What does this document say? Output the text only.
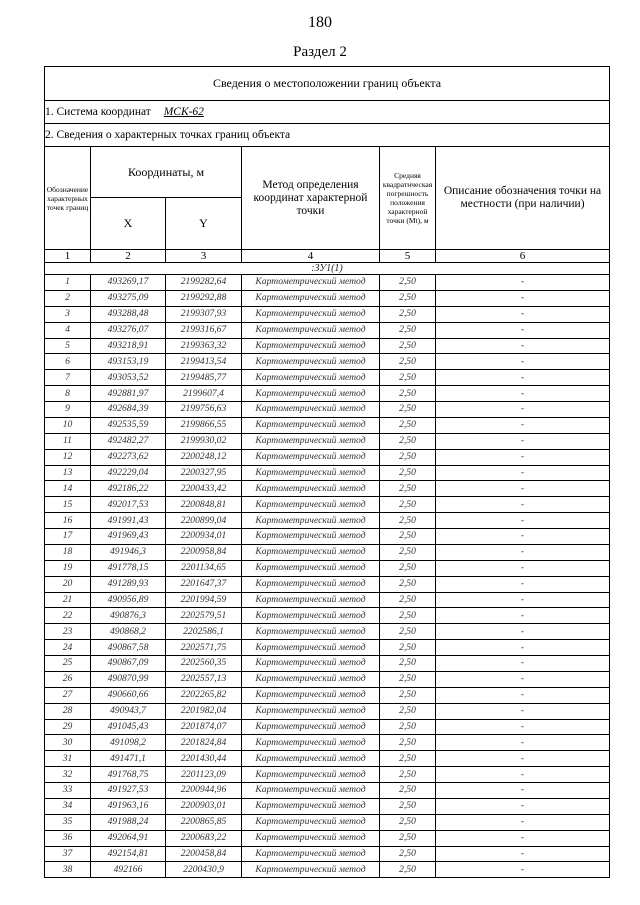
180
Раздел 2
Сведения о местоположении границ объекта					
1. Система координат МСК-62					
2. Сведения о характерных точках границ объекта					
Обозначение характерных точек границ	Координаты, м		Метод определения координат характерной точки	Средняя квадратическая погрешность положения характерной точки (Mt), м	Описание обозначения точки на местности (при наличии)
	X	Y			
1	2	3	4	5	6
:ЗУ1(1)					
1	493269,17	2199282,64	Картометрический метод	2,50	-
2	493275,09	2199292,88	Картометрический метод	2,50	-
3	493288,48	2199307,93	Картометрический метод	2,50	-
4	493276,07	2199316,67	Картометрический метод	2,50	-
5	493218,91	2199363,32	Картометрический метод	2,50	-
6	493153,19	2199413,54	Картометрический метод	2,50	-
7	493053,52	2199485,77	Картометрический метод	2,50	-
8	492881,97	2199607,4	Картометрический метод	2,50	-
9	492684,39	2199756,63	Картометрический метод	2,50	-
10	492535,59	2199866,55	Картометрический метод	2,50	-
11	492482,27	2199930,02	Картометрический метод	2,50	-
12	492273,62	2200248,12	Картометрический метод	2,50	-
13	492229,04	2200327,95	Картометрический метод	2,50	-
14	492186,22	2200433,42	Картометрический метод	2,50	-
15	492017,53	2200848,81	Картометрический метод	2,50	-
16	491991,43	2200899,04	Картометрический метод	2,50	-
17	491969,43	2200934,01	Картометрический метод	2,50	-
18	491946,3	2200958,84	Картометрический метод	2,50	-
19	491778,15	2201134,65	Картометрический метод	2,50	-
20	491289,93	2201647,37	Картометрический метод	2,50	-
21	490956,89	2201994,59	Картометрический метод	2,50	-
22	490876,3	2202579,51	Картометрический метод	2,50	-
23	490868,2	2202586,1	Картометрический метод	2,50	-
24	490867,58	2202571,75	Картометрический метод	2,50	-
25	490867,09	2202560,35	Картометрический метод	2,50	-
26	490870,99	2202557,13	Картометрический метод	2,50	-
27	490660,66	2202265,82	Картометрический метод	2,50	-
28	490943,7	2201982,04	Картометрический метод	2,50	-
29	491045,43	2201874,07	Картометрический метод	2,50	-
30	491098,2	2201824,84	Картометрический метод	2,50	-
31	491471,1	2201430,44	Картометрический метод	2,50	-
32	491768,75	2201123,09	Картометрический метод	2,50	-
33	491927,53	2200944,96	Картометрический метод	2,50	-
34	491963,16	2200903,01	Картометрический метод	2,50	-
35	491988,24	2200865,85	Картометрический метод	2,50	-
36	492064,91	2200683,22	Картометрический метод	2,50	-
37	492154,81	2200458,84	Картометрический метод	2,50	-
38	492166	2200430,9	Картометрический метод	2,50	-
